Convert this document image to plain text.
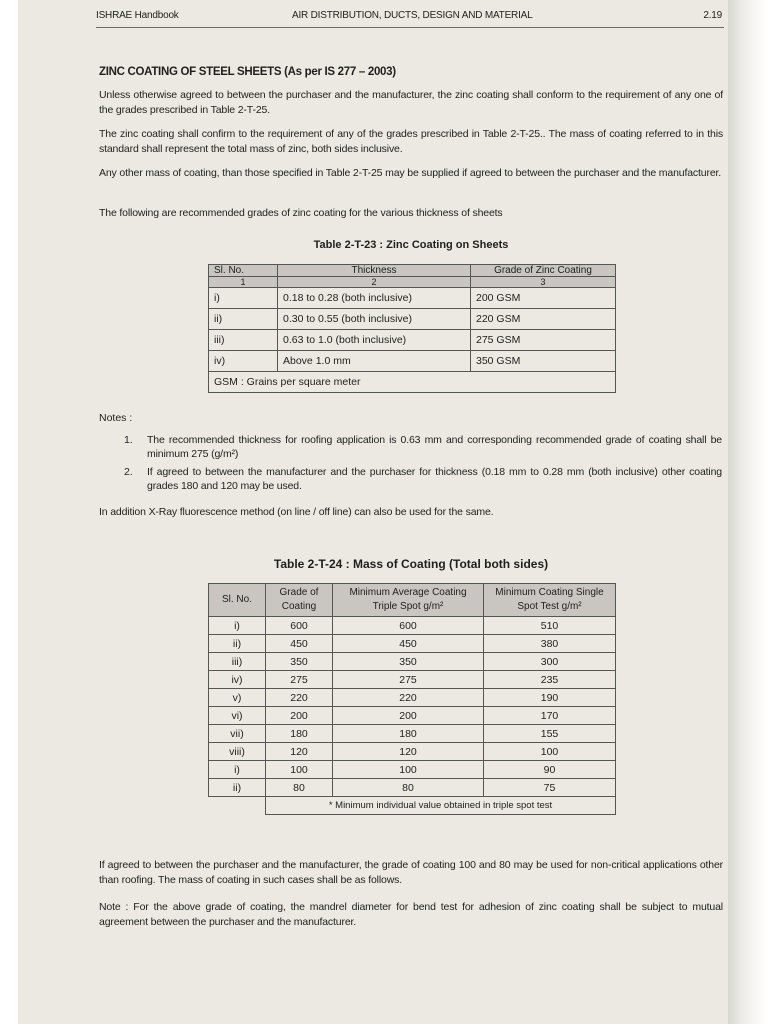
ISHRAE Handbook	AIR DISTRIBUTION, DUCTS, DESIGN AND MATERIAL	2.19
ZINC COATING OF STEEL SHEETS (As per IS 277 – 2003)

Unless otherwise agreed to between the purchaser and the manufacturer, the zinc coating shall conform to the requirement of any one of the grades prescribed in Table 2-T-25.

The zinc coating shall confirm to the requirement of any of the grades prescribed in Table 2-T-25.. The mass of coating referred to in this standard shall represent the total mass of zinc, both sides inclusive.

Any other mass of coating, than those specified in Table 2-T-25 may be supplied if agreed to between the purchaser and the manufacturer.

The following are recommended grades of zinc coating for the various thickness of sheets

Table 2-T-23 : Zinc Coating on Sheets
Sl. No.	Thickness	Grade of Zinc Coating
1	2	3
i)	0.18 to 0.28 (both inclusive)	200 GSM
ii)	0.30 to 0.55 (both inclusive)	220 GSM
iii)	0.63 to 1.0 (both inclusive)	275 GSM
iv)	Above 1.0 mm	350 GSM
GSM : Grains per square meter		
Notes :
1. The recommended thickness for roofing application is 0.63 mm and corresponding recommended grade of coating shall be minimum 275 (g/m²)
2. If agreed to between the manufacturer and the purchaser for thickness (0.18 mm to 0.28 mm (both inclusive) other coating grades 180 and 120 may be used.

In addition X-Ray fluorescence method (on line / off line) can also be used for the same.

Table 2-T-24 : Mass of Coating (Total both sides)
Sl. No.	Grade of Coating	Minimum Average Coating Triple Spot g/m²	Minimum Coating Single Spot Test g/m²
i)	600	600	510
ii)	450	450	380
iii)	350	350	300
iv)	275	275	235
v)	220	220	190
vi)	200	200	170
vii)	180	180	155
viii)	120	120	100
i)	100	100	90
ii)	80	80	75
	* Minimum individual value obtained in triple spot test		

If agreed to between the purchaser and the manufacturer, the grade of coating 100 and 80 may be used for non-critical applications other than roofing. The mass of coating in such cases shall be as follows.

Note : For the above grade of coating, the mandrel diameter for bend test for adhesion of zinc coating shall be subject to mutual agreement between the purchaser and the manufacturer.
